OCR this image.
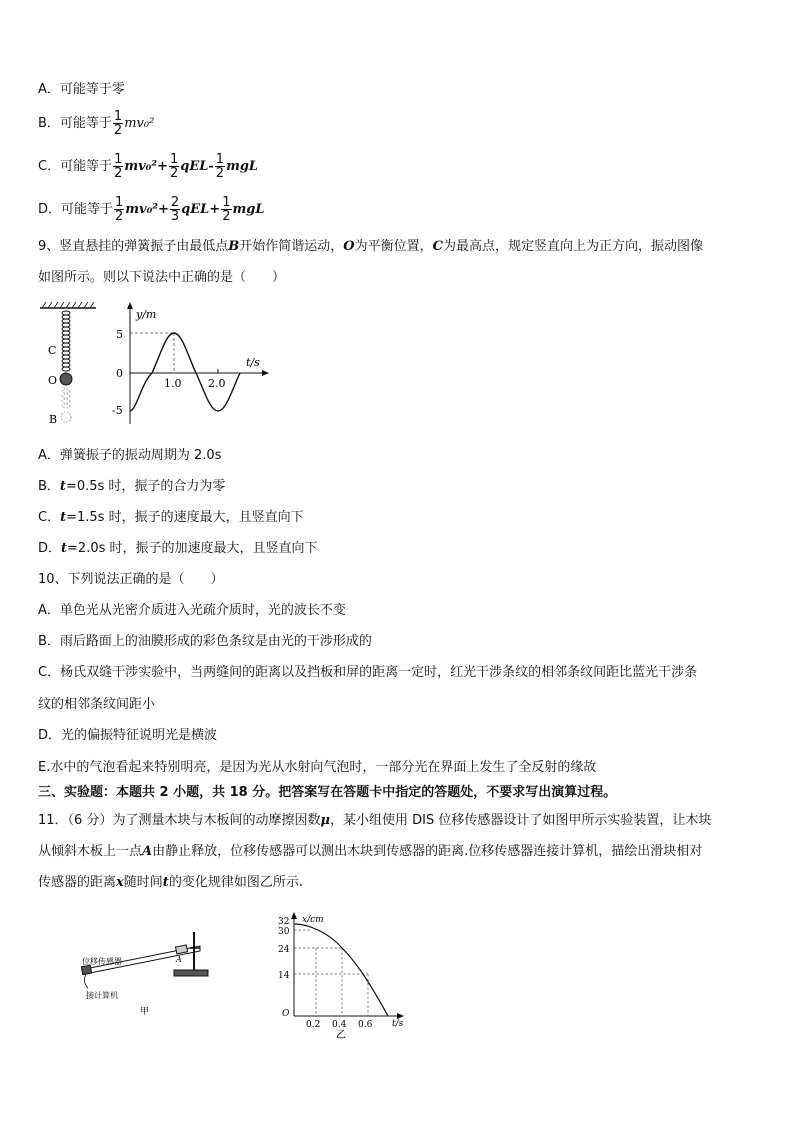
A．可能等于零
B．可能等于 $\frac{1}{2} mv_0^2$
C．可能等于 $\frac{1}{2} mv_0^2+ \frac{1}{2} qEL- \frac{1}{2}$ mgL
D．可能等于 $\frac{1}{2} mv_0^2+ \frac{2}{3} qEL+ \frac{1}{2}$ mgL
9、竖直悬挂的弹簧振子由最低点B开始作简谐运动，O为平衡位置，C为最高点，规定竖直向上为正方向，振动图像
如图所示。则以下说法中正确的是（　　）
C
O
B
y/m
t/s
5
0
-5
1.0 2.0
A．弹簧振子的振动周期为 2.0s
B．t=0.5s 时，振子的合力为零
C．t=1.5s 时，振子的速度最大，且竖直向下
D．t=2.0s 时，振子的加速度最大，且竖直向下
10、下列说法正确的是（　　）
A．单色光从光密介质进入光疏介质时，光的波长不变
B．雨后路面上的油膜形成的彩色条纹是由光的干涉形成的
C．杨氏双缝干涉实验中，当两缝间的距离以及挡板和屏的距离一定时，红光干涉条纹的相邻条纹间距比蓝光干涉条
纹的相邻条纹间距小
D．光的偏振特征说明光是横波
E.水中的气泡看起来特别明亮，是因为光从水射向气泡时，一部分光在界面上发生了全反射的缘故
三、实验题：本题共 2 小题，共 18 分。把答案写在答题卡中指定的答题处，不要求写出演算过程。
11．（6 分）为了测量木块与木板间的动摩擦因数μ，某小组使用 DIS 位移传感器设计了如图甲所示实验装置，让木块
从倾斜木板上一点A由静止释放，位移传感器可以测出木块到传感器的距离.位移传感器连接计算机，描绘出滑块相对
传感器的距离x随时间t的变化规律如图乙所示.
位移传感器
接计算机
A
甲
x/cm
t/s
O
32
30
24
14
0.2 0.4 0.6
乙
